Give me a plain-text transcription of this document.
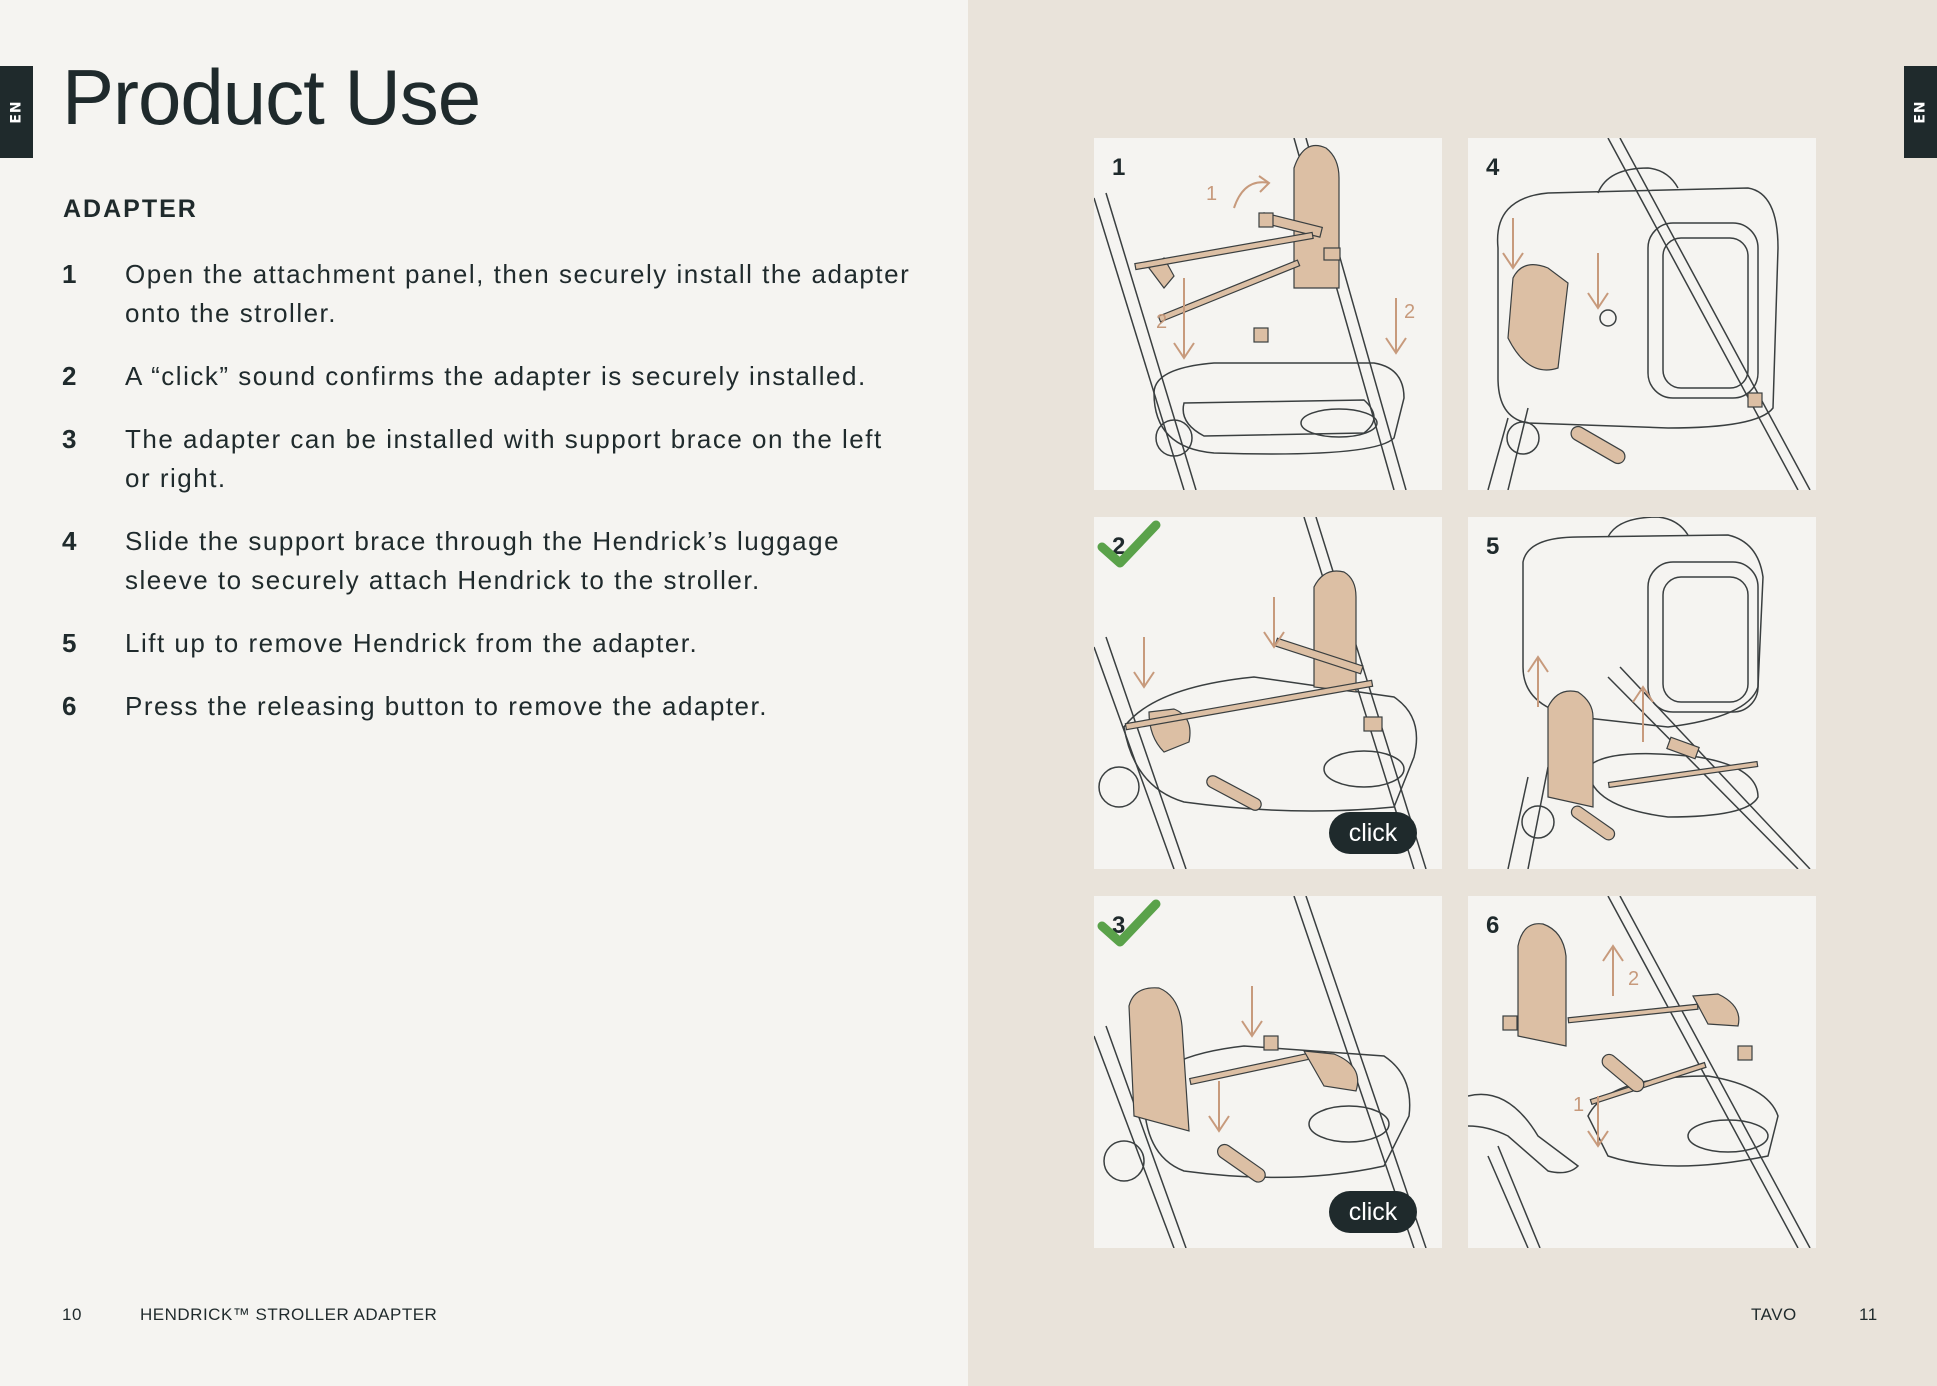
EN Product Use
ADAPTER
1	Open the attachment panel, then securely install the adapter onto the stroller.
2	A “click” sound confirms the adapter is securely installed.
3	The adapter can be installed with support brace on the left or right.
4	Slide the support brace through the Hendrick’s luggage sleeve to securely attach Hendrick to the stroller.
5	Lift up to remove Hendrick from the adapter.
6	Press the releasing button to remove the adapter.
10	HENDRICK™ STROLLER ADAPTER
EN
1
2	2
1	4
2
click
5
3
click
6
2
1
TAVO	11
